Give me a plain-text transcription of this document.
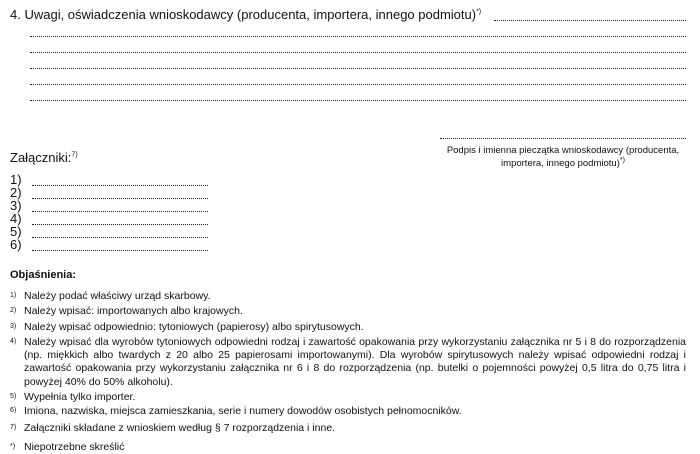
4. Uwagi, oświadczenia wnioskodawcy (producenta, importera, innego podmiotu)*)
Podpis i imienna pieczątka wnioskodawcy (producenta, importera, innego podmiotu)*)
Załączniki:$^{7)}$
1)
2)
3)
4)
5)
6)
Objaśnienia:
1) Należy podać właściwy urząd skarbowy.
2) Należy wpisać: importowanych albo krajowych.
3) Należy wpisać odpowiednio: tytoniowych (papierosy) albo spirytusowych.
4) Należy wpisać dla wyrobów tytoniowych odpowiedni rodzaj i zawartość opakowania przy wykorzystaniu załącznika nr 5 i 8 do rozporządzenia (np. miękkich albo twardych z 20 albo 25 papierosami importowanymi). Dla wyrobów spirytusowych należy wpisać odpowiedni rodzaj i zawartość opakowania przy wykorzystaniu załącznika nr 6 i 8 do rozporządzenia (np. butelki o pojemności powyżej 0,5 litra do 0,75 litra i powyżej 40% do 50% alkoholu).
5) Wypełnia tylko importer.
6) Imiona, nazwiska, miejsca zamieszkania, serie i numery dowodów osobistych pełnomocników.
7) Załączniki składane z wnioskiem według § 7 rozporządzenia i inne.
*) Niepotrzebne skreślić
